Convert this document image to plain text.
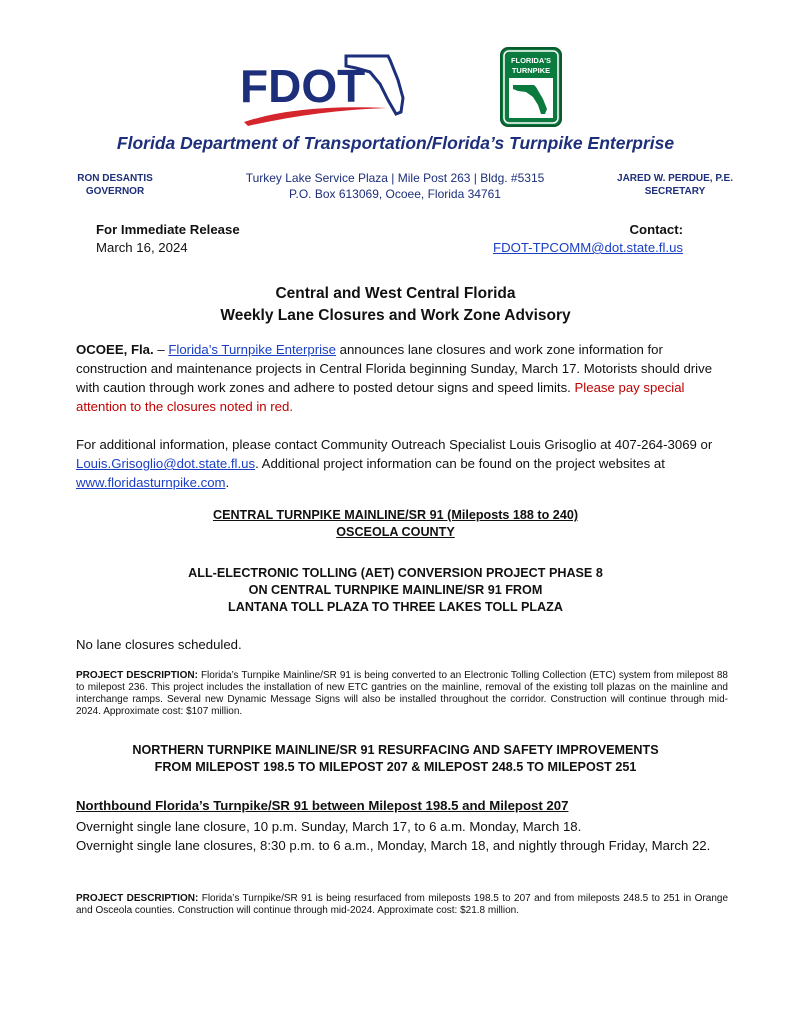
FDOT	FLORIDA'S
TURNPIKE
Florida Department of Transportation/Florida’s Turnpike Enterprise
RON DESANTIS
GOVERNOR
Turkey Lake Service Plaza | Mile Post 263 | Bldg. #5315
P.O. Box 613069, Ocoee, Florida 34761
JARED W. PERDUE, P.E.
SECRETARY
For Immediate Release
March 16, 2024
Contact:
FDOT-TPCOMM@dot.state.fl.us
Central and West Central Florida
Weekly Lane Closures and Work Zone Advisory
OCOEE, Fla. – Florida’s Turnpike Enterprise announces lane closures and work zone information for construction and maintenance projects in Central Florida beginning Sunday, March 17. Motorists should drive with caution through work zones and adhere to posted detour signs and speed limits. Please pay special attention to the closures noted in red.
For additional information, please contact Community Outreach Specialist Louis Grisoglio at 407-264-3069 or Louis.Grisoglio@dot.state.fl.us. Additional project information can be found on the project websites at www.floridasturnpike.com.
CENTRAL TURNPIKE MAINLINE/SR 91 (Mileposts 188 to 240)
OSCEOLA COUNTY
ALL-ELECTRONIC TOLLING (AET) CONVERSION PROJECT PHASE 8
ON CENTRAL TURNPIKE MAINLINE/SR 91 FROM
LANTANA TOLL PLAZA TO THREE LAKES TOLL PLAZA
No lane closures scheduled.
PROJECT DESCRIPTION: Florida’s Turnpike Mainline/SR 91 is being converted to an Electronic Tolling Collection (ETC) system from milepost 88 to milepost 236. This project includes the installation of new ETC gantries on the mainline, removal of the existing toll plazas on the mainline and interchange ramps. Several new Dynamic Message Signs will also be installed throughout the corridor. Construction will continue through mid-2024. Approximate cost: $107 million.
NORTHERN TURNPIKE MAINLINE/SR 91 RESURFACING AND SAFETY IMPROVEMENTS
FROM MILEPOST 198.5 TO MILEPOST 207 & MILEPOST 248.5 TO MILEPOST 251
Northbound Florida’s Turnpike/SR 91 between Milepost 198.5 and Milepost 207
Overnight single lane closure, 10 p.m. Sunday, March 17, to 6 a.m. Monday, March 18.
Overnight single lane closures, 8:30 p.m. to 6 a.m., Monday, March 18, and nightly through Friday, March 22.
PROJECT DESCRIPTION: Florida’s Turnpike/SR 91 is being resurfaced from mileposts 198.5 to 207 and from mileposts 248.5 to 251 in Orange and Osceola counties. Construction will continue through mid-2024. Approximate cost: $21.8 million.
